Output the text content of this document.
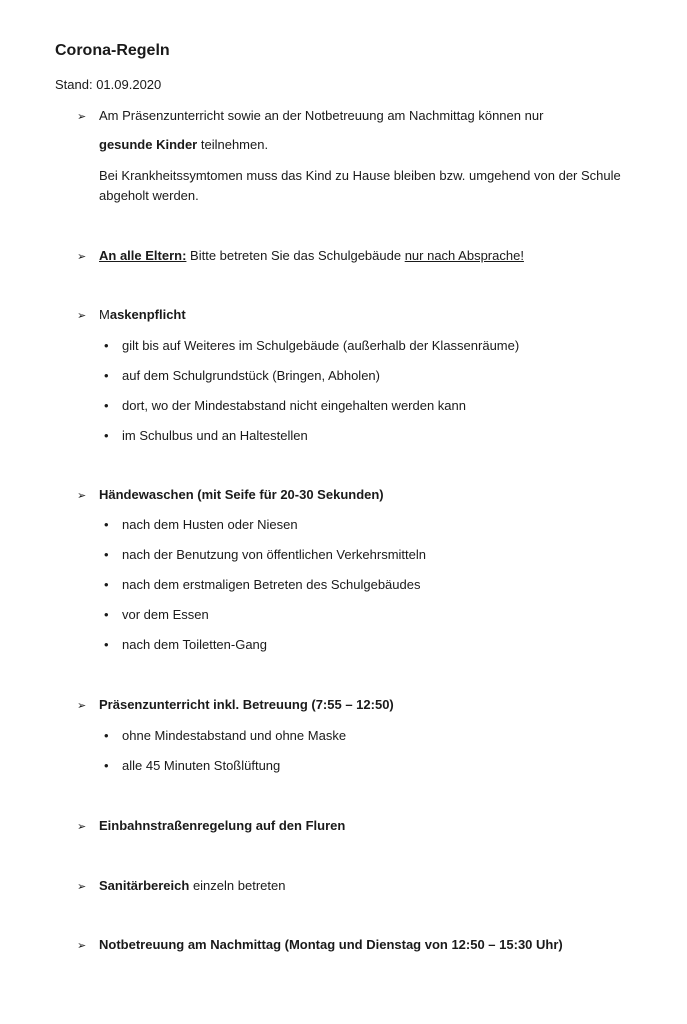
Corona-Regeln
Stand: 01.09.2020
➢ Am Präsenzunterricht sowie an der Notbetreuung am Nachmittag können nur
gesunde Kinder teilnehmen.
Bei Krankheitssymtomen muss das Kind zu Hause bleiben bzw. umgehend von der Schule abgeholt werden.
➢ An alle Eltern: Bitte betreten Sie das Schulgebäude nur nach Absprache!
➢ Maskenpflicht
• gilt bis auf Weiteres im Schulgebäude (außerhalb der Klassenräume)
• auf dem Schulgrundstück (Bringen, Abholen)
• dort, wo der Mindestabstand nicht eingehalten werden kann
• im Schulbus und an Haltestellen
➢ Händewaschen (mit Seife für 20-30 Sekunden)
• nach dem Husten oder Niesen
• nach der Benutzung von öffentlichen Verkehrsmitteln
• nach dem erstmaligen Betreten des Schulgebäudes
• vor dem Essen
• nach dem Toiletten-Gang
➢ Präsenzunterricht inkl. Betreuung (7:55 – 12:50)
• ohne Mindestabstand und ohne Maske
• alle 45 Minuten Stoßlüftung
➢ Einbahnstraßenregelung auf den Fluren
➢ Sanitärbereich einzeln betreten
➢ Notbetreuung am Nachmittag (Montag und Dienstag von 12:50 – 15:30 Uhr)
